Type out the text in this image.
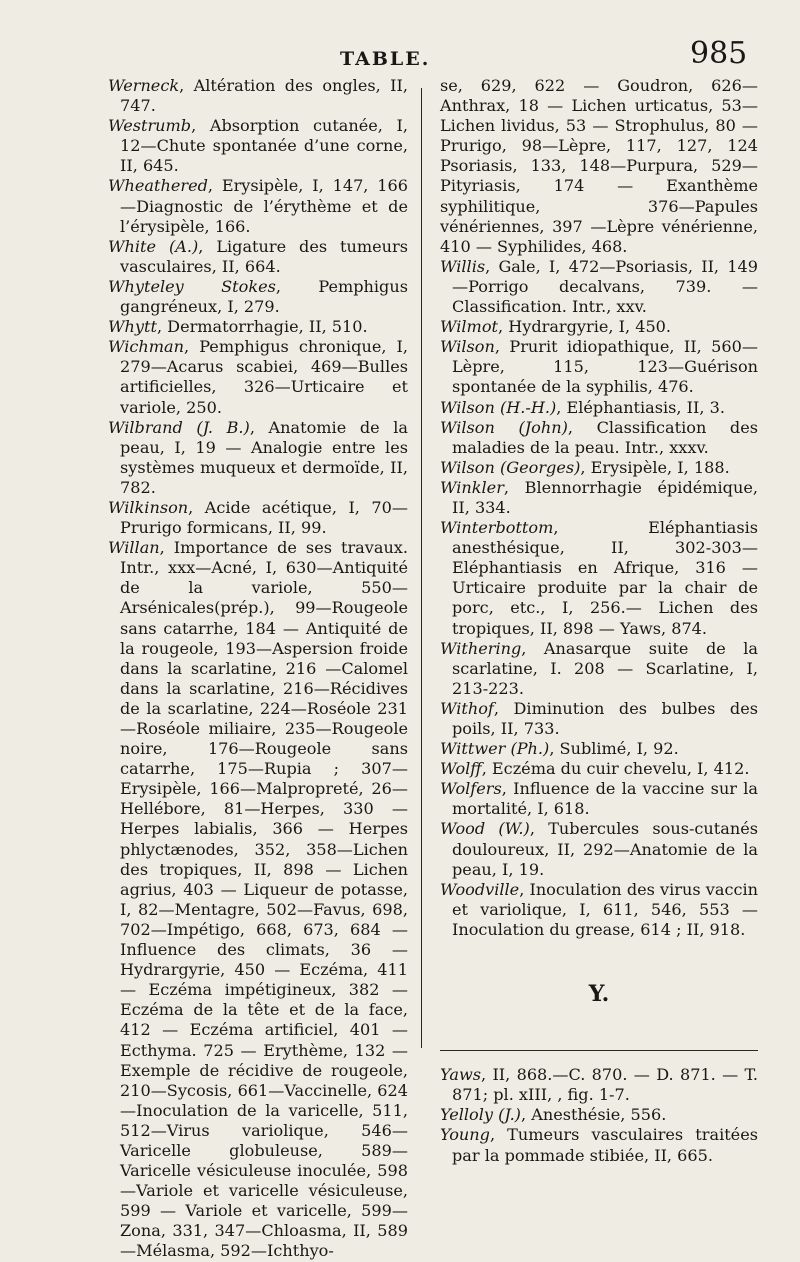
TABLE.	985
Werneck, Altération des ongles, II, 747.
Westrumb, Absorption cutanée, I, 12—Chute spontanée d’une corne, II, 645.
Wheathered, Erysipèle, I, 147, 166—Diagnostic de l’érythème et de l’érysipèle, 166.
White (A.), Ligature des tumeurs vasculaires, II, 664.
Whyteley Stokes, Pemphigus gangréneux, I, 279.
Whytt, Dermatorrhagie, II, 510.
Wichman, Pemphigus chronique, I, 279—Acarus scabiei, 469—Bulles artificielles, 326—Urticaire et variole, 250.
Wilbrand (J. B.), Anatomie de la peau, I, 19 — Analogie entre les systèmes muqueux et dermoïde, II, 782.
Wilkinson, Acide acétique, I, 70—Prurigo formicans, II, 99.
Willan, Importance de ses travaux. Intr., xxx—Acné, I, 630—Antiquité de la variole, 550—Arsénicales(prép.), 99—Rougeole sans catarrhe, 184 — Antiquité de la rougeole, 193—Aspersion froide dans la scarlatine, 216 —Calomel dans la scarlatine, 216—Récidives de la scarlatine, 224—Roséole 231—Roséole miliaire, 235—Rougeole noire, 176—Rougeole sans catarrhe, 175—Rupia ; 307—Erysipèle, 166—Malpropreté, 26—Hellébore, 81—Herpes, 330 — Herpes labialis, 366 — Herpes phlyctænodes, 352, 358—Lichen des tropiques, II, 898 — Lichen agrius, 403 — Liqueur de potasse, I, 82—Mentagre, 502—Favus, 698, 702—Impétigo, 668, 673, 684 — Influence des climats, 36 — Hydrargyrie, 450 — Eczéma, 411 — Eczéma impétigineux, 382 — Eczéma de la tête et de la face, 412 — Eczéma artificiel, 401 — Ecthyma. 725 — Erythème, 132 — Exemple de récidive de rougeole, 210—Sycosis, 661—Vaccinelle, 624—Inoculation de la varicelle, 511, 512—Virus variolique, 546—Varicelle globuleuse, 589—Varicelle vésiculeuse inoculée, 598—Variole et varicelle vésiculeuse, 599 — Variole et varicelle, 599—Zona, 331, 347—Chloasma, II, 589—Mélasma, 592—Ichthyo-
se, 629, 622 — Goudron, 626—Anthrax, 18 — Lichen urticatus, 53—Lichen lividus, 53 — Strophulus, 80 —Prurigo, 98—Lèpre, 117, 127, 124 Psoriasis, 133, 148—Purpura, 529—Pityriasis, 174 — Exanthème syphilitique, 376—Papules vénériennes, 397 —Lèpre vénérienne, 410 — Syphilides, 468.
Willis, Gale, I, 472—Psoriasis, II, 149 —Porrigo decalvans, 739. —Classification. Intr., xxv.
Wilmot, Hydrargyrie, I, 450.
Wilson, Prurit idiopathique, II, 560—Lèpre, 115, 123—Guérison spontanée de la syphilis, 476.
Wilson (H.-H.), Eléphantiasis, II, 3.
Wilson (John), Classification des maladies de la peau. Intr., xxxv.
Wilson (Georges), Erysipèle, I, 188.
Winkler, Blennorrhagie épidémique, II, 334.
Winterbottom, Eléphantiasis anesthésique, II, 302-303—Eléphantiasis en Afrique, 316 — Urticaire produite par la chair de porc, etc., I, 256.— Lichen des tropiques, II, 898 — Yaws, 874.
Withering, Anasarque suite de la scarlatine, I. 208 — Scarlatine, I, 213-223.
Withof, Diminution des bulbes des poils, II, 733.
Wittwer (Ph.), Sublimé, I, 92.
Wolff, Eczéma du cuir chevelu, I, 412.
Wolfers, Influence de la vaccine sur la mortalité, I, 618.
Wood (W.), Tubercules sous-cutanés douloureux, II, 292—Anatomie de la peau, I, 19.
Woodville, Inoculation des virus vaccin et variolique, I, 611, 546, 553 — Inoculation du grease, 614 ; II, 918.
Y.
Yaws, II, 868.—C. 870. — D. 871. — T. 871; pl. xIII, , fig. 1-7.
Yelloly (J.), Anesthésie, 556.
Young, Tumeurs vasculaires traitées par la pommade stibiée, II, 665.
